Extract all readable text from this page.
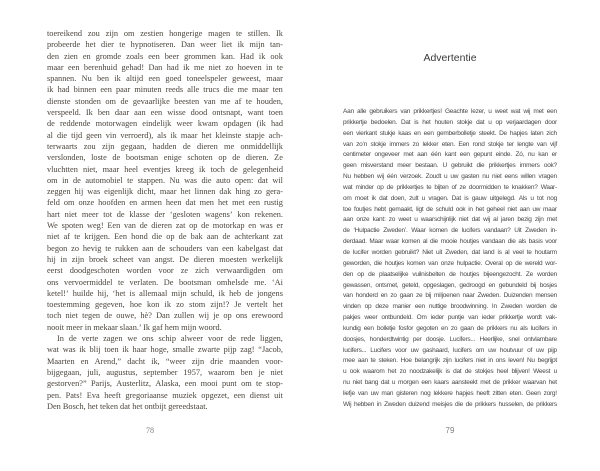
toereikend zou zijn om zestien hongerige magen te stillen. Ik
probeerde het dier te hypnotiseren. Dan weer liet ik mijn tan-
den zien en gromde zoals een beer grommen kan. Had ik ook
maar een berenhuid gehad! Dan had ik me niet zo hoeven in te
spannen. Nu ben ik altijd een goed toneelspeler geweest, maar
ik had binnen een paar minuten reeds alle trucs die me maar ten
dienste stonden om de gevaarlijke beesten van me af te houden,
verspeeld. Ik ben daar aan een wisse dood ontsnapt, want toen
de reddende motorwagen eindelijk weer kwam opdagen (ik had
al die tijd geen vin verroerd), als ik maar het kleinste stapje ach-
terwaarts zou zijn gegaan, hadden de dieren me onmiddellijk
verslonden, loste de bootsman enige schoten op de dieren. Ze
vluchtten niet, maar heel eventjes kreeg ik toch de gelegenheid
om in de automobiel te stappen. Nu was die auto open: dat wil
zeggen hij was eigenlijk dicht, maar het linnen dak hing zo gera-
feld om onze hoofden en armen heen dat men het met een rustig
hart niet meer tot de klasse der ‘gesloten wagens’ kon rekenen.
We spoten weg! Een van de dieren zat op de motorkap en was er
niet af te krijgen. Een hond die op de bak aan de achterkant zat
begon zo hevig te rukken aan de schouders van een kabelgast dat
hij in zijn broek scheet van angst. De dieren moesten werkelijk
eerst doodgeschoten worden voor ze zich verwaardigden om
ons vervoermiddel te verlaten. De bootsman omhelsde me. ‘Ai
ketel!’ huilde hij, ‘het is allemaal mijn schuld, ik heb de jongens
toestemming gegeven, hoe kon ik zo stom zijn!? Je vertelt het
toch niet tegen de ouwe, hè? Dan zullen wij je op ons erewoord
nooit meer in mekaar slaan.’ Ik gaf hem mijn woord.
In de verte zagen we ons schip alweer voor de rede liggen,
wat was ik blij toen ik haar hoge, smalle zwarte pijp zag! “Jacob,
Maarten en Arend,” dacht ik, “weer zijn drie maanden voor-
bijgegaan, juli, augustus, september 1957, waarom ben je niet
gestorven?” Parijs, Austerlitz, Alaska, een mooi punt om te stop-
pen. Pats! Eva heeft gregoriaanse muziek opgezet, een dienst uit
Den Bosch, het teken dat het ontbijt gereedstaat.
Advertentie
Aan alle gebruikers van prikkertjes! Geachte lezer, u weet wat wij met een
prikkertje bedoelen. Dat is het houten stokje dat u op verjaardagen door
een vierkant stukje kaas en een gemberbolletje steekt. De hapjes laten zich
van zo’n stokje immers zo lekker eten. Een rond stokje ter lengte van vijf
centimeter ongeveer met aan één kant een gepunt einde. Zó, nu kan er
geen misverstand meer bestaan. U gebruikt die prikkertjes immers ook?
Nu hebben wij één verzoek. Zoudt u uw gasten nu niet eens willen vragen
wat minder op de prikkertjes te bijten of ze doormidden te knakken? Waar-
om moet ik dat doen, zult u vragen. Dat is gauw uitgelegd. Als u tot nog
toe foutjes hebt gemaakt, ligt de schuld ook in het geheel niet aan uw maar
aan onze kant: zo weet u waarschijnlijk niet dat wij al jaren bezig zijn met
de ‘Hulpactie Zweden’. Waar komen de lucifers vandaan? Uit Zweden in-
derdaad. Maar waar komen al die mooie houtjes vandaan die als basis voor
de lucifer worden gebruikt? Niet uit Zweden, dat land is al veel te houtarm
geworden, die houtjes komen van onze hulpactie. Overal op de wereld wor-
den op de plaatselijke vuilnisbelten de houtjes bijeengezocht. Ze worden
gewassen, ontsmet, geteld, opgeslagen, gedroogd en gebundeld bij bosjes
van honderd en zo gaan ze bij miljoenen naar Zweden. Duizenden mensen
vinden op deze manier een nuttige broodwinning. In Zweden worden de
pakjes weer ontbundeld. Om ieder puntje van ieder prikkertje wordt vak-
kundig een bolletje fosfor gegoten en zo gaan de prikkers nu als lucifers in
doosjes, honderdtwintig per doosje. Lucifers... Heerlijke, snel ontvlambare
lucifers... Lucifers voor uw gashaard, lucifers om uw houtvuur of uw pijp
mee aan te steken. Hoe belangrijk zijn lucifers niet in ons leven! Nu begrijpt
u ook waarom het zo noodzakelijk is dat de stokjes heel blijven! Weest u
nu niet bang dat u morgen een kaars aansteekt met de prikker waarvan het
liefje van uw man gisteren nog lekkere hapjes heeft zitten eten. Geen zorg!
Wij hebben in Zweden duizend meisjes die de prikkers husselen, de prikkers
78	79
